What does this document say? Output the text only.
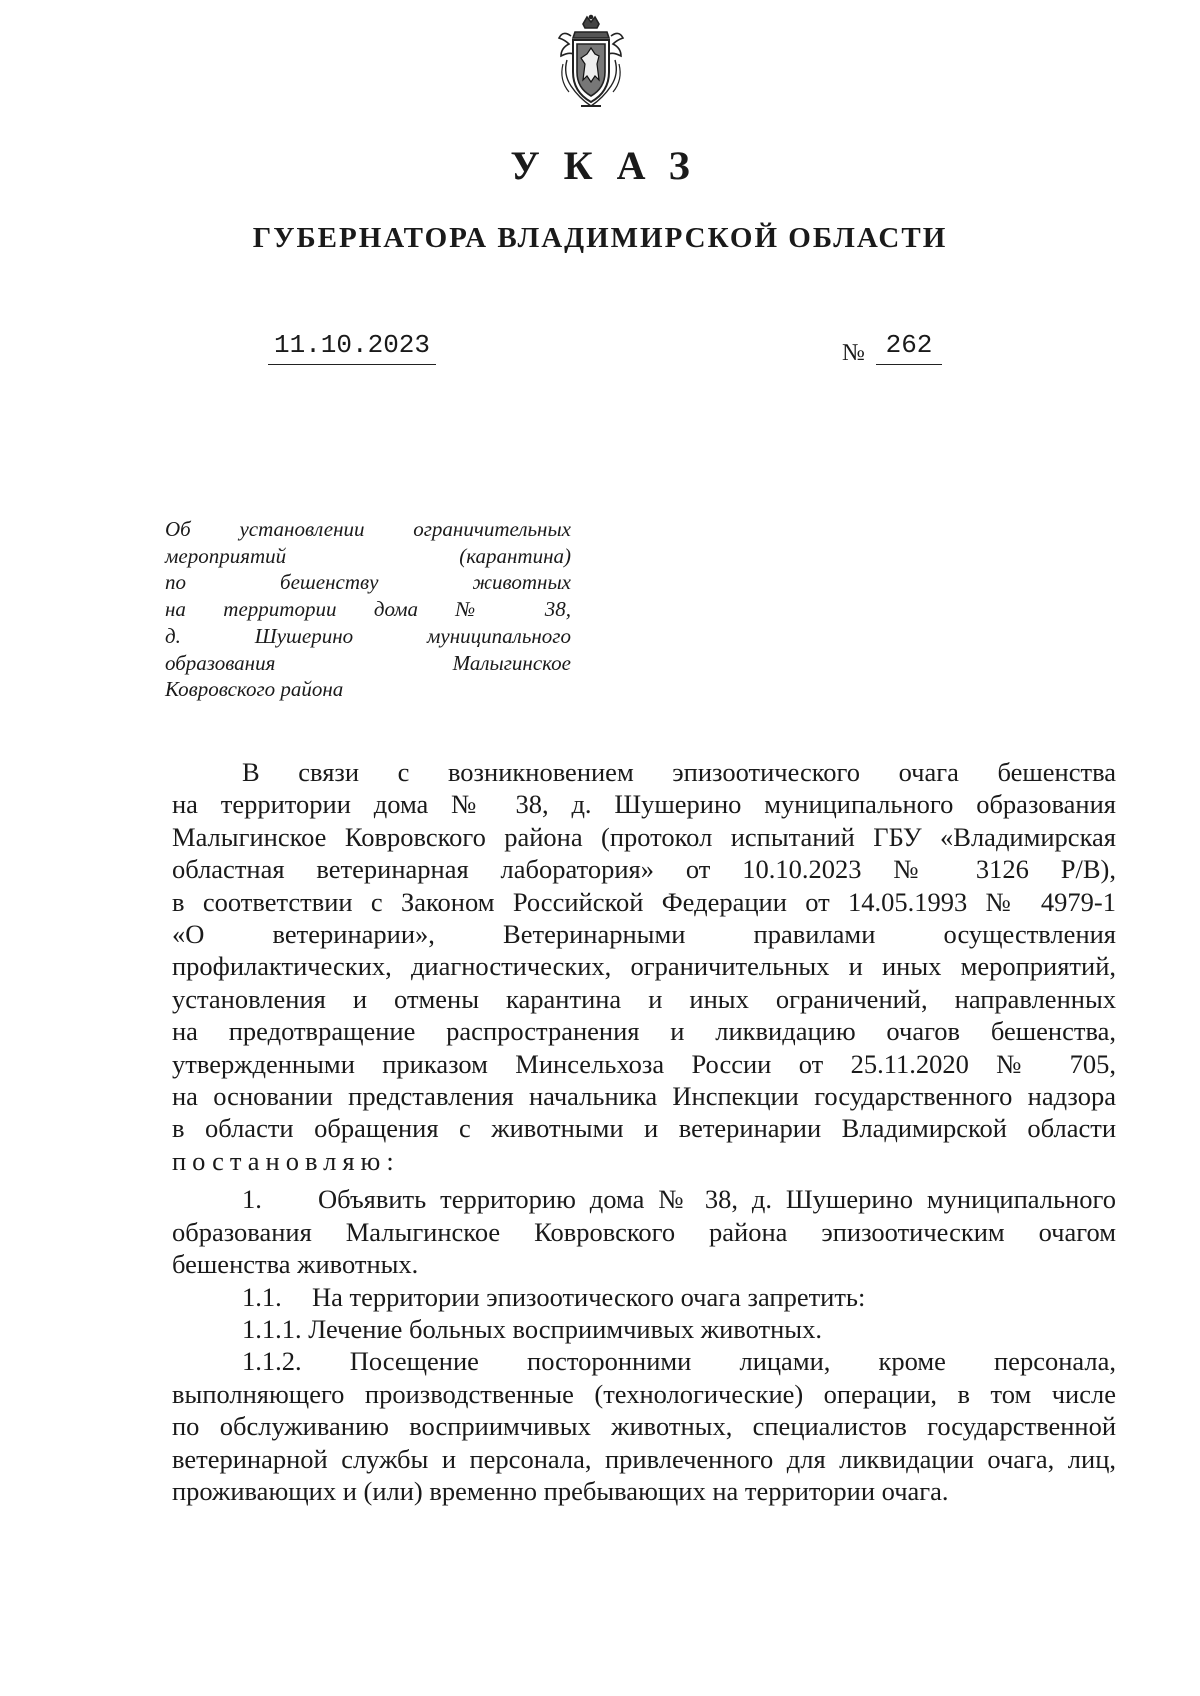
УКАЗ
ГУБЕРНАТОРА ВЛАДИМИРСКОЙ ОБЛАСТИ
11.10.2023	№ 262
Об установлении ограничительных
мероприятий (карантина)
по бешенству животных
на территории дома № 38,
д. Шушерино муниципального
образования Малыгинское
Ковровского района
В связи с возникновением эпизоотического очага бешенства
на территории дома № 38, д. Шушерино муниципального образования
Малыгинское Ковровского района (протокол испытаний ГБУ «Владимирская
областная ветеринарная лаборатория» от 10.10.2023 № 3126 Р/В),
в соответствии с Законом Российской Федерации от 14.05.1993 № 4979-1
«О ветеринарии», Ветеринарными правилами осуществления
профилактических, диагностических, ограничительных и иных мероприятий,
установления и отмены карантина и иных ограничений, направленных
на предотвращение распространения и ликвидацию очагов бешенства,
утвержденными приказом Минсельхоза России от 25.11.2020 № 705,
на основании представления начальника Инспекции государственного надзора
в области обращения с животными и ветеринарии Владимирской области
постановляю:
1. Объявить территорию дома № 38, д. Шушерино муниципального
образования Малыгинское Ковровского района эпизоотическим очагом
бешенства животных.
1.1. На территории эпизоотического очага запретить:
1.1.1. Лечение больных восприимчивых животных.
1.1.2. Посещение посторонними лицами, кроме персонала,
выполняющего производственные (технологические) операции, в том числе
по обслуживанию восприимчивых животных, специалистов государственной
ветеринарной службы и персонала, привлеченного для ликвидации очага, лиц,
проживающих и (или) временно пребывающих на территории очага.
